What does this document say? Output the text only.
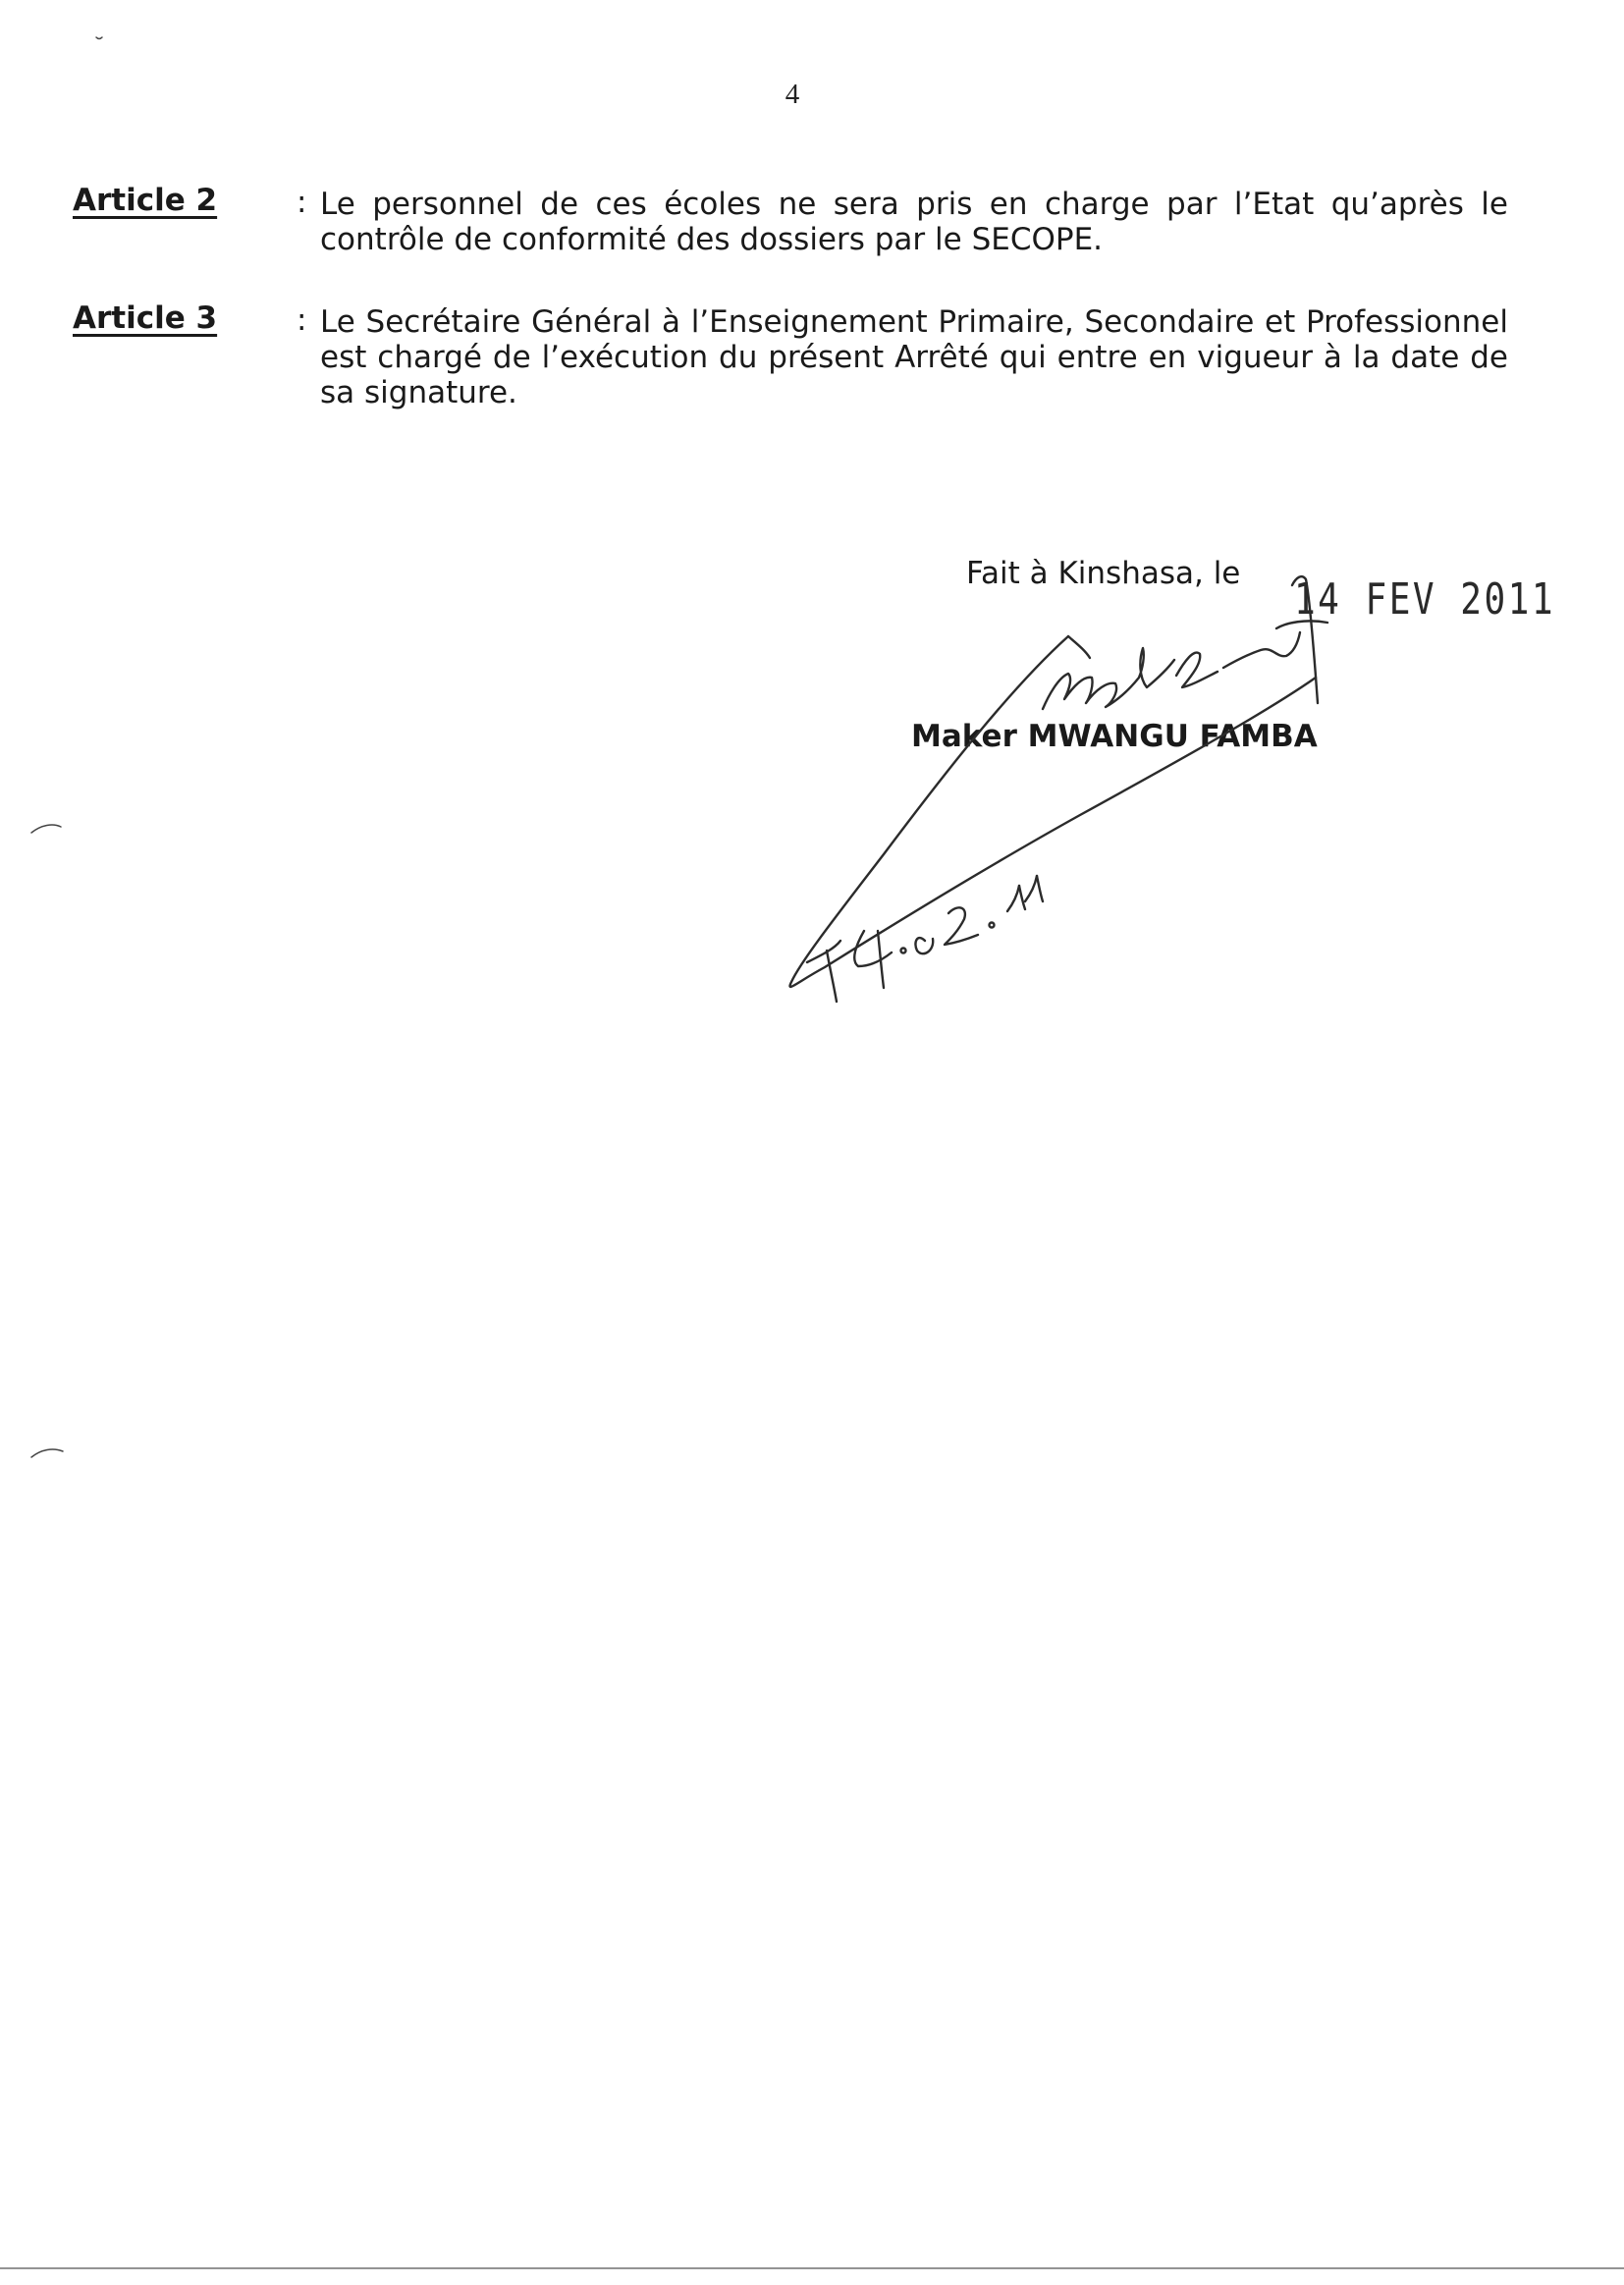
4
Article 2	: Le personnel de ces écoles ne sera pris en charge par l’Etat qu’après le contrôle de conformité des dossiers par le SECOPE.
Article 3	: Le Secrétaire Général à l’Enseignement Primaire, Secondaire et Professionnel est chargé de l’exécution du présent Arrêté qui entre en vigueur à la date de sa signature.
Fait à Kinshasa, le
14 FEV 2011
Maker MWANGU FAMBA
